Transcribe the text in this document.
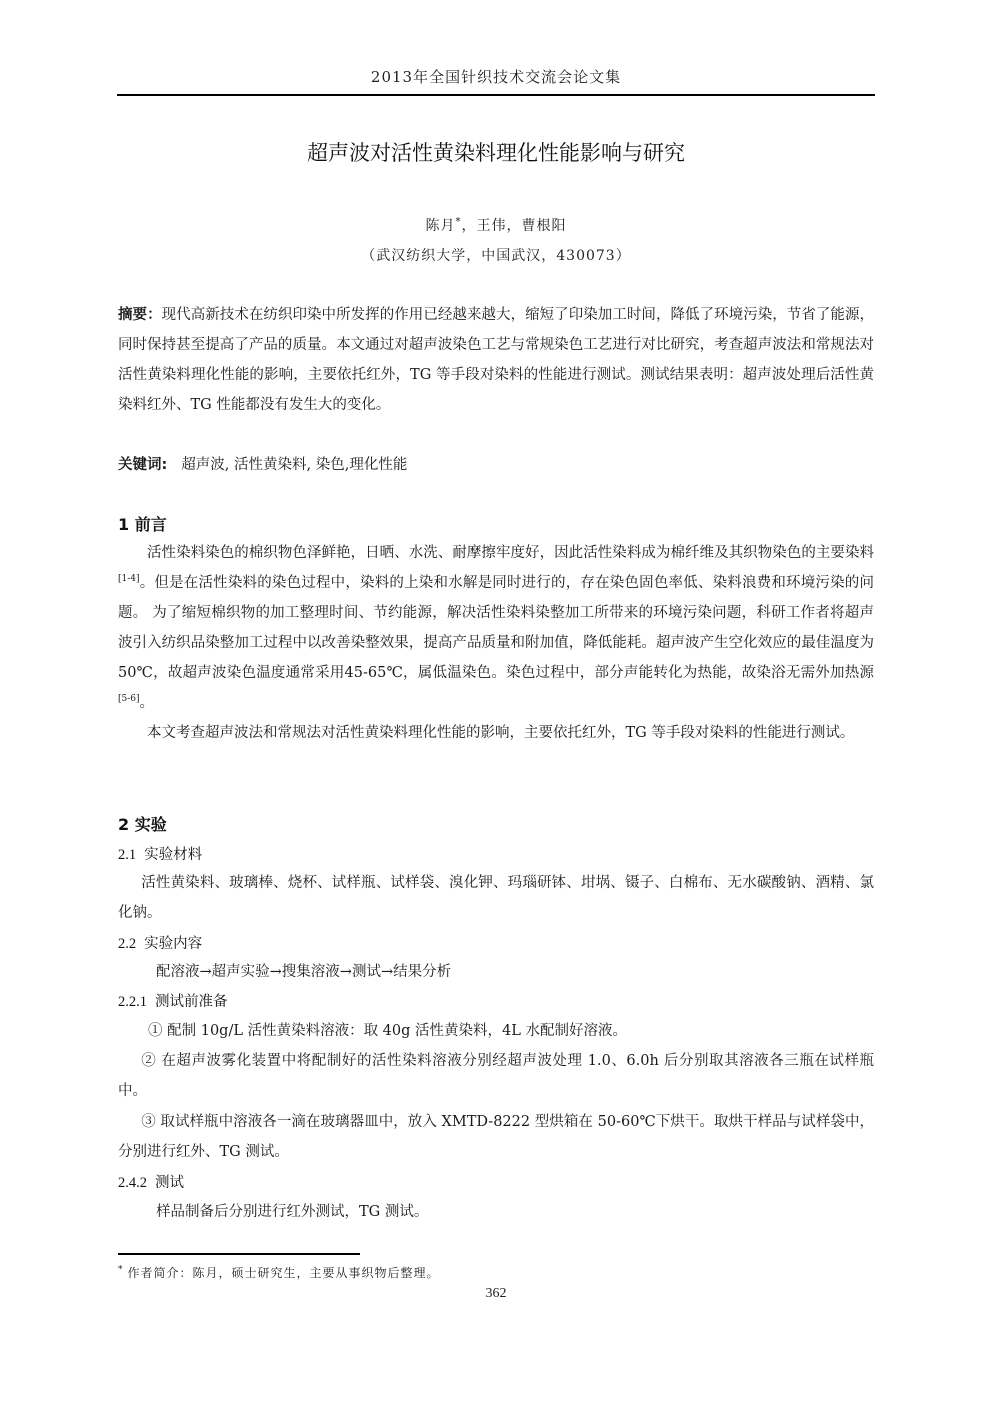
2013年全国针织技术交流会论文集
超声波对活性黄染料理化性能影响与研究
陈月*，王伟，曹根阳
（武汉纺织大学，中国武汉，430073）
摘要：现代高新技术在纺织印染中所发挥的作用已经越来越大，缩短了印染加工时间，降低了环境污染，节省了能源，同时保持甚至提高了产品的质量。本文通过对超声波染色工艺与常规染色工艺进行对比研究，考查超声波法和常规法对活性黄染料理化性能的影响，主要依托红外，TG 等手段对染料的性能进行测试。测试结果表明：超声波处理后活性黄染料红外、TG 性能都没有发生大的变化。
关键词: 超声波, 活性黄染料, 染色,理化性能
1 前言
活性染料染色的棉织物色泽鲜艳，日晒、水洗、耐摩擦牢度好，因此活性染料成为棉纤维及其织物染色的主要染料[1-4]。但是在活性染料的染色过程中，染料的上染和水解是同时进行的，存在染色固色率低、染料浪费和环境污染的问题。 为了缩短棉织物的加工整理时间、节约能源，解决活性染料染整加工所带来的环境污染问题，科研工作者将超声波引入纺织品染整加工过程中以改善染整效果，提高产品质量和附加值，降低能耗。超声波产生空化效应的最佳温度为50℃，故超声波染色温度通常采用45-65℃，属低温染色。染色过程中，部分声能转化为热能，故染浴无需外加热源[5-6]。
本文考查超声波法和常规法对活性黄染料理化性能的影响，主要依托红外，TG 等手段对染料的性能进行测试。
2 实验
2.1 实验材料
活性黄染料、玻璃棒、烧杯、试样瓶、试样袋、溴化钾、玛瑙研钵、坩埚、镊子、白棉布、无水碳酸钠、酒精、氯化钠。
2.2 实验内容
配溶液→超声实验→搜集溶液→测试→结果分析
2.2.1 测试前准备
① 配制 10g/L 活性黄染料溶液：取 40g 活性黄染料，4L 水配制好溶液。
② 在超声波雾化装置中将配制好的活性染料溶液分别经超声波处理 1.0、6.0h 后分别取其溶液各三瓶在试样瓶中。
③ 取试样瓶中溶液各一滴在玻璃器皿中，放入 XMTD-8222 型烘箱在 50-60℃下烘干。取烘干样品与试样袋中，分别进行红外、TG 测试。
2.4.2 测试
样品制备后分别进行红外测试，TG 测试。
* 作者简介：陈月，硕士研究生，主要从事织物后整理。
362
